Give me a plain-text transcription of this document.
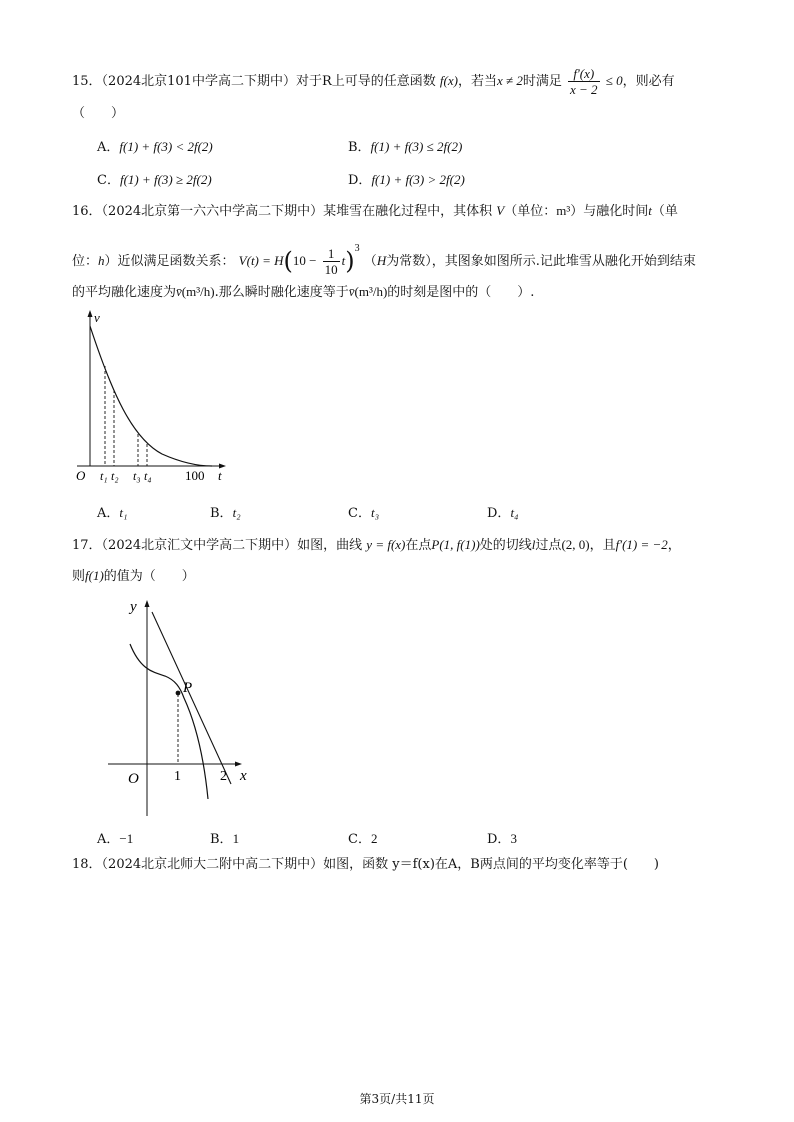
15．（2024北京101中学高二下期中）对于R上可导的任意函数 f(x)，若当x ≠ 2时满足 $\frac{f'(x)}{x - 2} \le 0$，则必有
（　　）
A．f(1) + f(3) < 2f(2)	B．f(1) + f(3) ≤ 2f(2)
C．f(1) + f(3) ≥ 2f(2)	D．f(1) + f(3) > 2f(2)
16．（2024北京第一六六中学高二下期中）某堆雪在融化过程中，其体积 V（单位：m³）与融化时间t（单
位：h）近似满足函数关系： $V(t) = H(10 - \frac{1}{10} t)^3$ （H为常数），其图象如图所示.记此堆雪从融化开始到结束
的平均融化速度为v̄(m³/h).那么瞬时融化速度等于v̄(m³/h)的时刻是图中的（　　）.
v
O t₁ t₂ t₃ t₄	100 t
A．t₁	B．t₂	C．t₃	D．t₄
17．（2024北京汇文中学高二下期中）如图，曲线 y = f(x)在点P(1, f(1))处的切线l过点(2, 0)，且f′(1) = −2，
则f(1)的值为（　　）
y
P
O	1	2 x
A．−1	B．1	C．2	D．3
18．（2024北京北师大二附中高二下期中）如图，函数 y＝f(x)在A，B两点间的平均变化率等于(　　)
第3页/共11页
